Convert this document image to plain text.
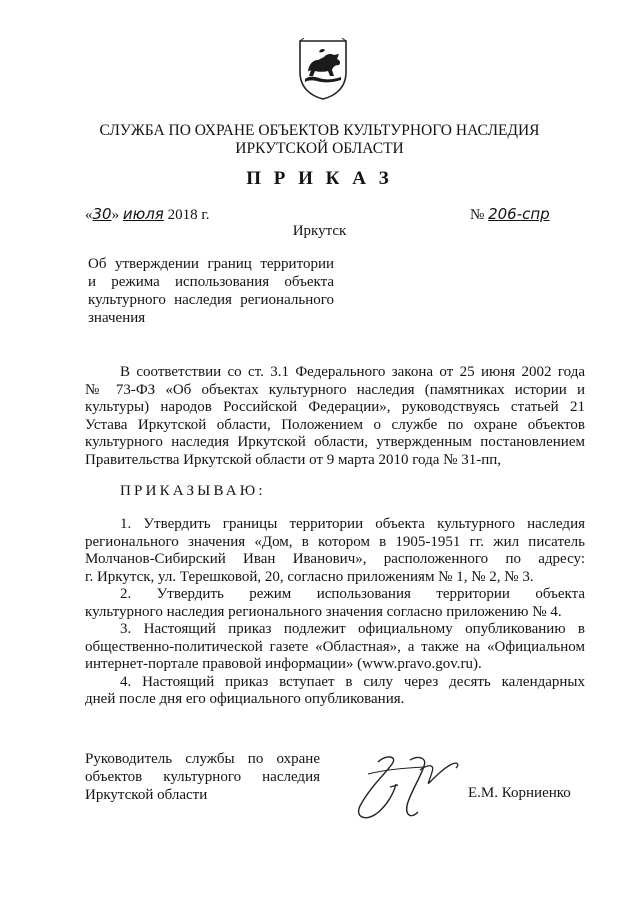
СЛУЖБА ПО ОХРАНЕ ОБЪЕКТОВ КУЛЬТУРНОГО НАСЛЕДИЯ
ИРКУТСКОЙ ОБЛАСТИ
П Р И К А З
«30» июля 2018 г.	№ 206-спр
Иркутск
Об утверждении границ территории
и режима использования объекта
культурного наследия регионального
значения
В соответствии со ст. 3.1 Федерального закона от 25 июня 2002 года
№ 73-ФЗ «Об объектах культурного наследия (памятниках истории и
культуры) народов Российской Федерации», руководствуясь статьей 21
Устава Иркутской области, Положением о службе по охране объектов
культурного наследия Иркутской области, утвержденным постановлением
Правительства Иркутской области от 9 марта 2010 года № 31-пп,
ПРИКАЗЫВАЮ:
1. Утвердить границы территории объекта культурного наследия
регионального значения «Дом, в котором в 1905-1951 гг. жил писатель
Молчанов-Сибирский Иван Иванович», расположенного по адресу:
г. Иркутск, ул. Терешковой, 20, согласно приложениям № 1, № 2, № 3.
2. Утвердить режим использования территории объекта
культурного наследия регионального значения согласно приложению № 4.
3. Настоящий приказ подлежит официальному опубликованию в
общественно-политической газете «Областная», а также на «Официальном
интернет-портале правовой информации» (www.pravo.gov.ru).
4. Настоящий приказ вступает в силу через десять календарных
дней после дня его официального опубликования.
Руководитель службы по охране
объектов культурного наследия
Иркутской области	Е.М. Корниенко
